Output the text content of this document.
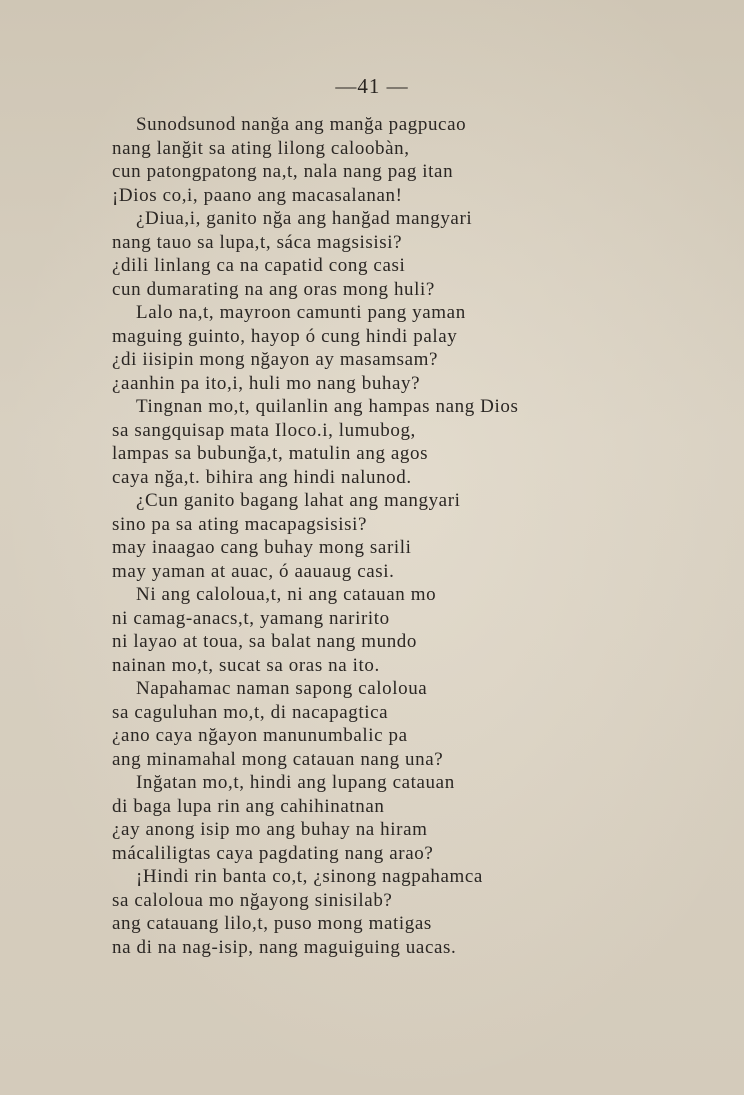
—41 —
Sunodsunod nanğa ang manğa pagpucao
nang lanğit sa ating lilong caloobàn,
cun patongpatong na,t, nala nang pag itan
¡Dios co,i, paano ang macasalanan!
¿Diua,i, ganito nğa ang hanğad mangyari
nang tauo sa lupa,t, sáca magsisisi?
¿dili linlang ca na capatid cong casi
cun dumarating na ang oras mong huli?
Lalo na,t, mayroon camunti pang yaman
maguing guinto, hayop ó cung hindi palay
¿di iisipin mong nğayon ay masamsam?
¿aanhin pa ito,i, huli mo nang buhay?
Tingnan mo,t, quilanlin ang hampas nang Dios
sa sangquisap mata Iloco.i, lumubog,
lampas sa bubunğa,t, matulin ang agos
caya nğa,t. bihira ang hindi nalunod.
¿Cun ganito bagang lahat ang mangyari
sino pa sa ating macapagsisisi?
may inaagao cang buhay mong sarili
may yaman at auac, ó aauaug casi.
Ni ang caloloua,t, ni ang catauan mo
ni camag-anacs,t, yamang naririto
ni layao at toua, sa balat nang mundo
nainan mo,t, sucat sa oras na ito.
Napahamac naman sapong caloloua
sa caguluhan mo,t, di nacapagtica
¿ano caya nğayon manunumbalic pa
ang minamahal mong catauan nang una?
Inğatan mo,t, hindi ang lupang catauan
di baga lupa rin ang cahihinatnan
¿ay anong isip mo ang buhay na hiram
mácaliligtas caya pagdating nang arao?
¡Hindi rin banta co,t, ¿sinong nagpahamca
sa caloloua mo nğayong sinisilab?
ang catauang lilo,t, puso mong matigas
na di na nag-isip, nang maguiguing uacas.
